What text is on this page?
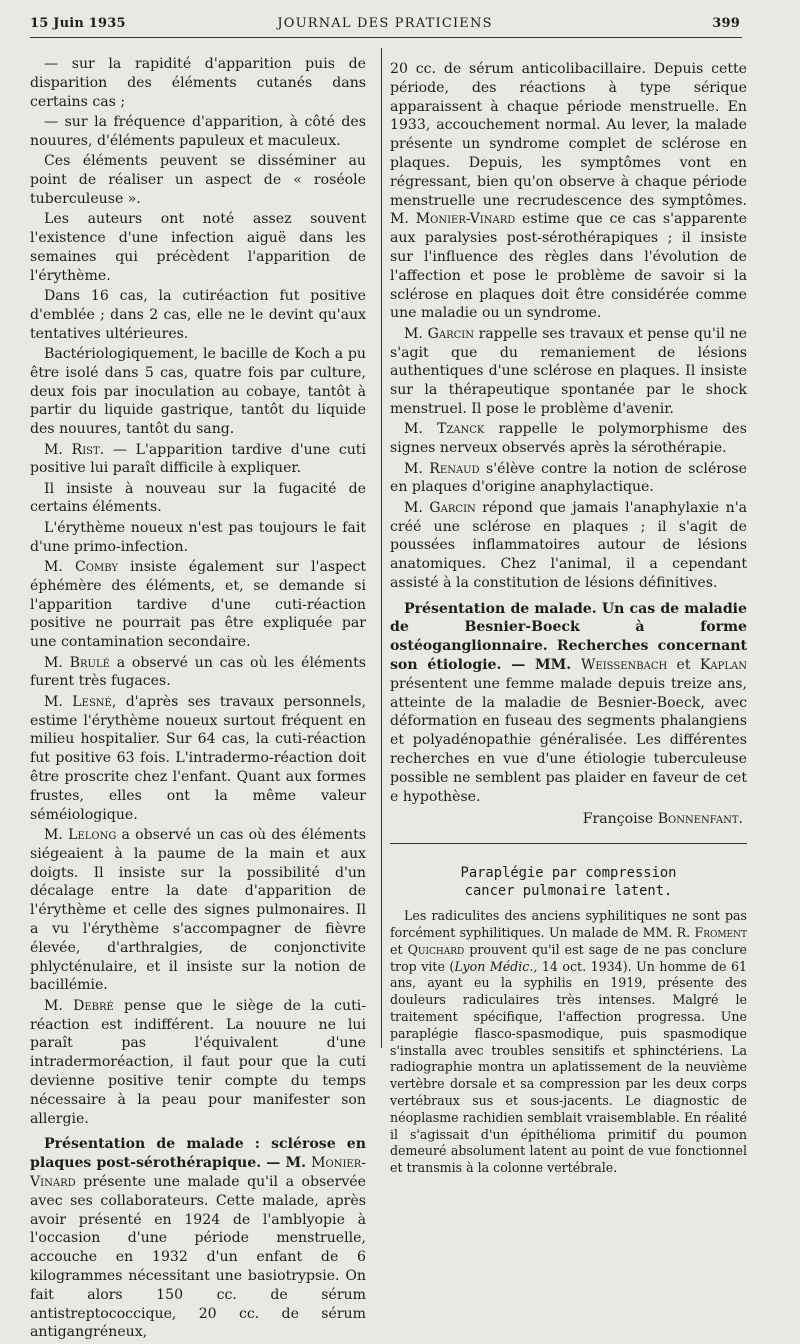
15 Juin 1935	JOURNAL DES PRATICIENS	399

— sur la rapidité d'apparition puis de disparition des éléments cutanés dans certains cas ;

— sur la fréquence d'apparition, à côté des nouures, d'éléments papuleux et maculeux.

Ces éléments peuvent se disséminer au point de réaliser un aspect de « roséole tuberculeuse ».

Les auteurs ont noté assez souvent l'existence d'une infection aiguë dans les semaines qui précèdent l'apparition de l'érythème.

Dans 16 cas, la cutiréaction fut positive d'emblée ; dans 2 cas, elle ne le devint qu'aux tentatives ultérieures.

Bactériologiquement, le bacille de Koch a pu être isolé dans 5 cas, quatre fois par culture, deux fois par inoculation au cobaye, tantôt à partir du liquide gastrique, tantôt du liquide des nouures, tantôt du sang.

M. Rist. — L'apparition tardive d'une cuti positive lui paraît difficile à expliquer.

Il insiste à nouveau sur la fugacité de certains éléments.

L'érythème noueux n'est pas toujours le fait d'une primo-infection.

M. Comby insiste également sur l'aspect éphémère des éléments, et, se demande si l'apparition tardive d'une cuti-réaction positive ne pourrait pas être expliquée par une contamination secondaire.

M. Brulé a observé un cas où les éléments furent très fugaces.

M. Lesné, d'après ses travaux personnels, estime l'érythème noueux surtout fréquent en milieu hospitalier. Sur 64 cas, la cuti-réaction fut positive 63 fois. L'intradermo-réaction doit être proscrite chez l'enfant. Quant aux formes frustes, elles ont la même valeur séméiologique.

M. Lelong a observé un cas où des éléments siégeaient à la paume de la main et aux doigts. Il insiste sur la possibilité d'un décalage entre la date d'apparition de l'érythème et celle des signes pulmonaires. Il a vu l'érythème s'accompagner de fièvre élevée, d'arthralgies, de conjonctivite phlycténulaire, et il insiste sur la notion de bacillémie.

M. Debré pense que le siège de la cuti-réaction est indifférent. La nouure ne lui paraît pas l'équivalent d'une intradermoréaction, il faut pour que la cuti devienne positive tenir compte du temps nécessaire à la peau pour manifester son allergie.

Présentation de malade : sclérose en plaques post-sérothérapique. — M. Monier-Vinard présente une malade qu'il a observée avec ses collaborateurs. Cette malade, après avoir présenté en 1924 de l'amblyopie à l'occasion d'une période menstruelle, accouche en 1932 d'un enfant de 6 kilogrammes nécessitant une basiotrypsie. On fait alors 150 cc. de sérum antistreptococcique, 20 cc. de sérum antigangréneux,

20 cc. de sérum anticolibacillaire. Depuis cette période, des réactions à type sérique apparaissent à chaque période menstruelle. En 1933, accouchement normal. Au lever, la malade présente un syndrome complet de sclérose en plaques. Depuis, les symptômes vont en régressant, bien qu'on observe à chaque période menstruelle une recrudescence des symptômes. M. Monier-Vinard estime que ce cas s'apparente aux paralysies post-sérothérapiques ; il insiste sur l'influence des règles dans l'évolution de l'affection et pose le problème de savoir si la sclérose en plaques doit être considérée comme une maladie ou un syndrome.

M. Garcin rappelle ses travaux et pense qu'il ne s'agit que du remaniement de lésions authentiques d'une sclérose en plaques. Il insiste sur la thérapeutique spontanée par le shock menstruel. Il pose le problème d'avenir.

M. Tzanck rappelle le polymorphisme des signes nerveux observés après la sérothérapie.

M. Renaud s'élève contre la notion de sclérose en plaques d'origine anaphylactique.

M. Garcin répond que jamais l'anaphylaxie n'a créé une sclérose en plaques ; il s'agit de poussées inflammatoires autour de lésions anatomiques. Chez l'animal, il a cependant assisté à la constitution de lésions définitives.

Présentation de malade. Un cas de maladie de Besnier-Boeck à forme ostéoganglionnaire. Recherches concernant son étiologie. — MM. Weissenbach et Kaplan présentent une femme malade depuis treize ans, atteinte de la maladie de Besnier-Boeck, avec déformation en fuseau des segments phalangiens et polyadénopathie généralisée. Les différentes recherches en vue d'une étiologie tuberculeuse possible ne semblent pas plaider en faveur de cet e hypothèse.

Françoise Bonnenfant.

Paraplégie par compression
cancer pulmonaire latent.

Les radiculites des anciens syphilitiques ne sont pas forcément syphilitiques. Un malade de MM. R. Froment et Quichard prouvent qu'il est sage de ne pas conclure trop vite (Lyon Médic., 14 oct. 1934). Un homme de 61 ans, ayant eu la syphilis en 1919, présente des douleurs radiculaires très intenses. Malgré le traitement spécifique, l'affection progressa. Une paraplégie flasco-spasmodique, puis spasmodique s'installa avec troubles sensitifs et sphinctériens. La radiographie montra un aplatissement de la neuvième vertèbre dorsale et sa compression par les deux corps vertébraux sus et sous-jacents. Le diagnostic de néoplasme rachidien semblait vraisemblable. En réalité il s'agissait d'un épithélioma primitif du poumon demeuré absolument latent au point de vue fonctionnel et transmis à la colonne vertébrale.
